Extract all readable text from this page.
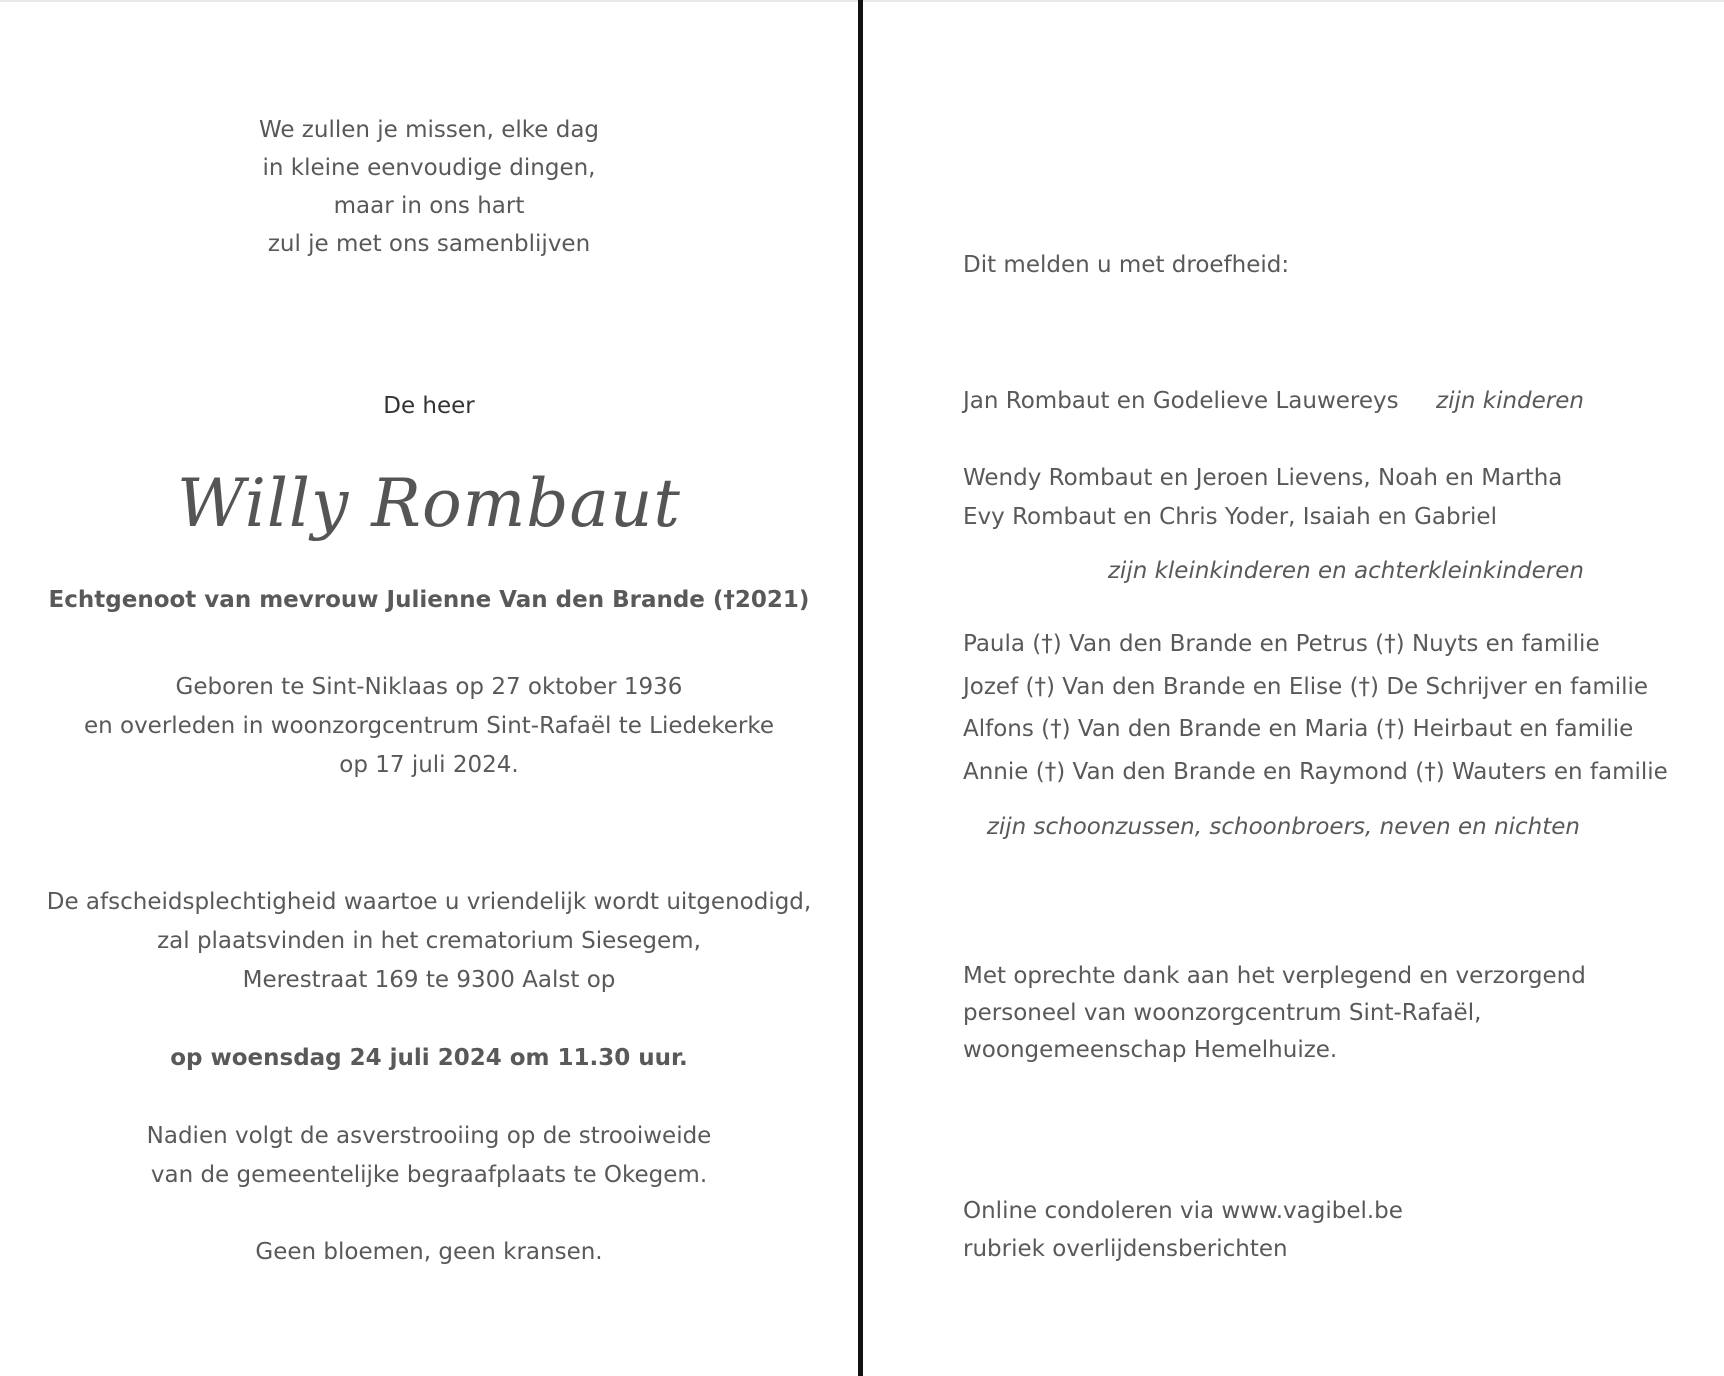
We zullen je missen, elke dag
in kleine eenvoudige dingen,
maar in ons hart
zul je met ons samenblijven
De heer
Willy Rombaut
Echtgenoot van mevrouw Julienne Van den Brande (†2021)
Geboren te Sint-Niklaas op 27 oktober 1936
en overleden in woonzorgcentrum Sint-Rafaël te Liedekerke
op 17 juli 2024.
De afscheidsplechtigheid waartoe u vriendelijk wordt uitgenodigd,
zal plaatsvinden in het crematorium Siesegem,
Merestraat 169 te 9300 Aalst op
op woensdag 24 juli 2024 om 11.30 uur.
Nadien volgt de asverstrooiing op de strooiweide
van de gemeentelijke begraafplaats te Okegem.
Geen bloemen, geen kransen.
Dit melden u met droefheid:
Jan Rombaut en Godelieve Lauwereys zijn kinderen
Wendy Rombaut en Jeroen Lievens, Noah en Martha
Evy Rombaut en Chris Yoder, Isaiah en Gabriel
zijn kleinkinderen en achterkleinkinderen
Paula (†) Van den Brande en Petrus (†) Nuyts en familie
Jozef (†) Van den Brande en Elise (†) De Schrijver en familie
Alfons (†) Van den Brande en Maria (†) Heirbaut en familie
Annie (†) Van den Brande en Raymond (†) Wauters en familie
zijn schoonzussen, schoonbroers, neven en nichten
Met oprechte dank aan het verplegend en verzorgend
personeel van woonzorgcentrum Sint-Rafaël,
woongemeenschap Hemelhuize.
Online condoleren via www.vagibel.be
rubriek overlijdensberichten
